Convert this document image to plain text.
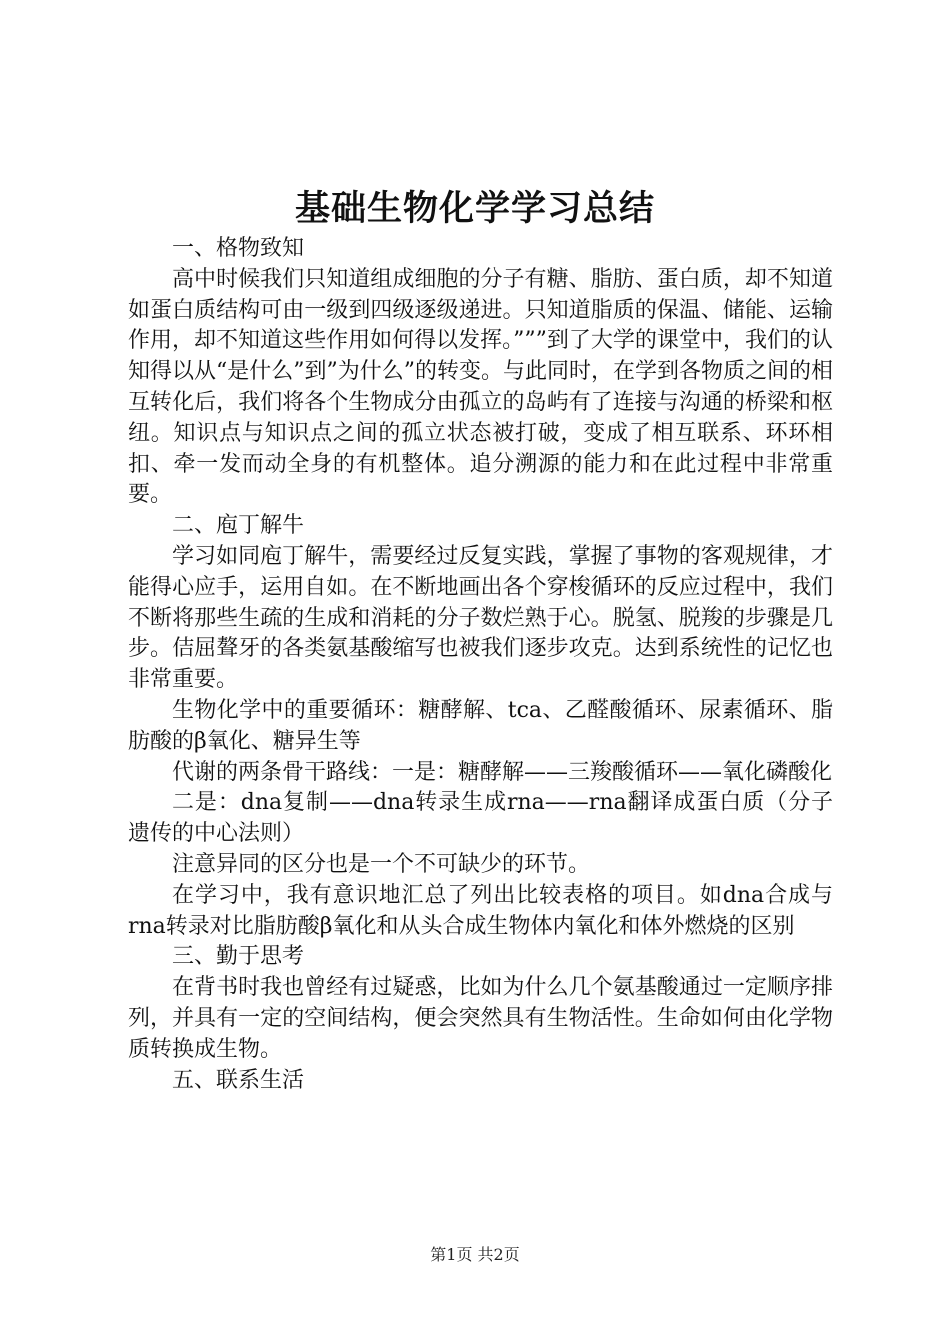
基础生物化学学习总结

一、格物致知

高中时候我们只知道组成细胞的分子有糖、脂肪、蛋白质，却不知道如蛋白质结构可由一级到四级逐级递进。只知道脂质的保温、储能、运输作用，却不知道这些作用如何得以发挥。”””到了大学的课堂中，我们的认知得以从“是什么”到”为什么”的转变。与此同时，在学到各物质之间的相互转化后，我们将各个生物成分由孤立的岛屿有了连接与沟通的桥梁和枢纽。知识点与知识点之间的孤立状态被打破，变成了相互联系、环环相扣、牵一发而动全身的有机整体。追分溯源的能力和在此过程中非常重要。

二、庖丁解牛

学习如同庖丁解牛，需要经过反复实践，掌握了事物的客观规律，才能得心应手，运用自如。在不断地画出各个穿梭循环的反应过程中，我们不断将那些生疏的生成和消耗的分子数烂熟于心。脱氢、脱羧的步骤是几步。佶屈聱牙的各类氨基酸缩写也被我们逐步攻克。达到系统性的记忆也非常重要。

生物化学中的重要循环：糖酵解、tca、乙醛酸循环、尿素循环、脂肪酸的β氧化、糖异生等

代谢的两条骨干路线：一是：糖酵解——三羧酸循环——氧化磷酸化

二是：dna复制——dna转录生成rna——rna翻译成蛋白质（分子遗传的中心法则）

注意异同的区分也是一个不可缺少的环节。

在学习中，我有意识地汇总了列出比较表格的项目。如dna合成与rna转录对比脂肪酸β氧化和从头合成生物体内氧化和体外燃烧的区别

三、勤于思考

在背书时我也曾经有过疑惑，比如为什么几个氨基酸通过一定顺序排列，并具有一定的空间结构，便会突然具有生物活性。生命如何由化学物质转换成生物。

五、联系生活

第1页 共2页
